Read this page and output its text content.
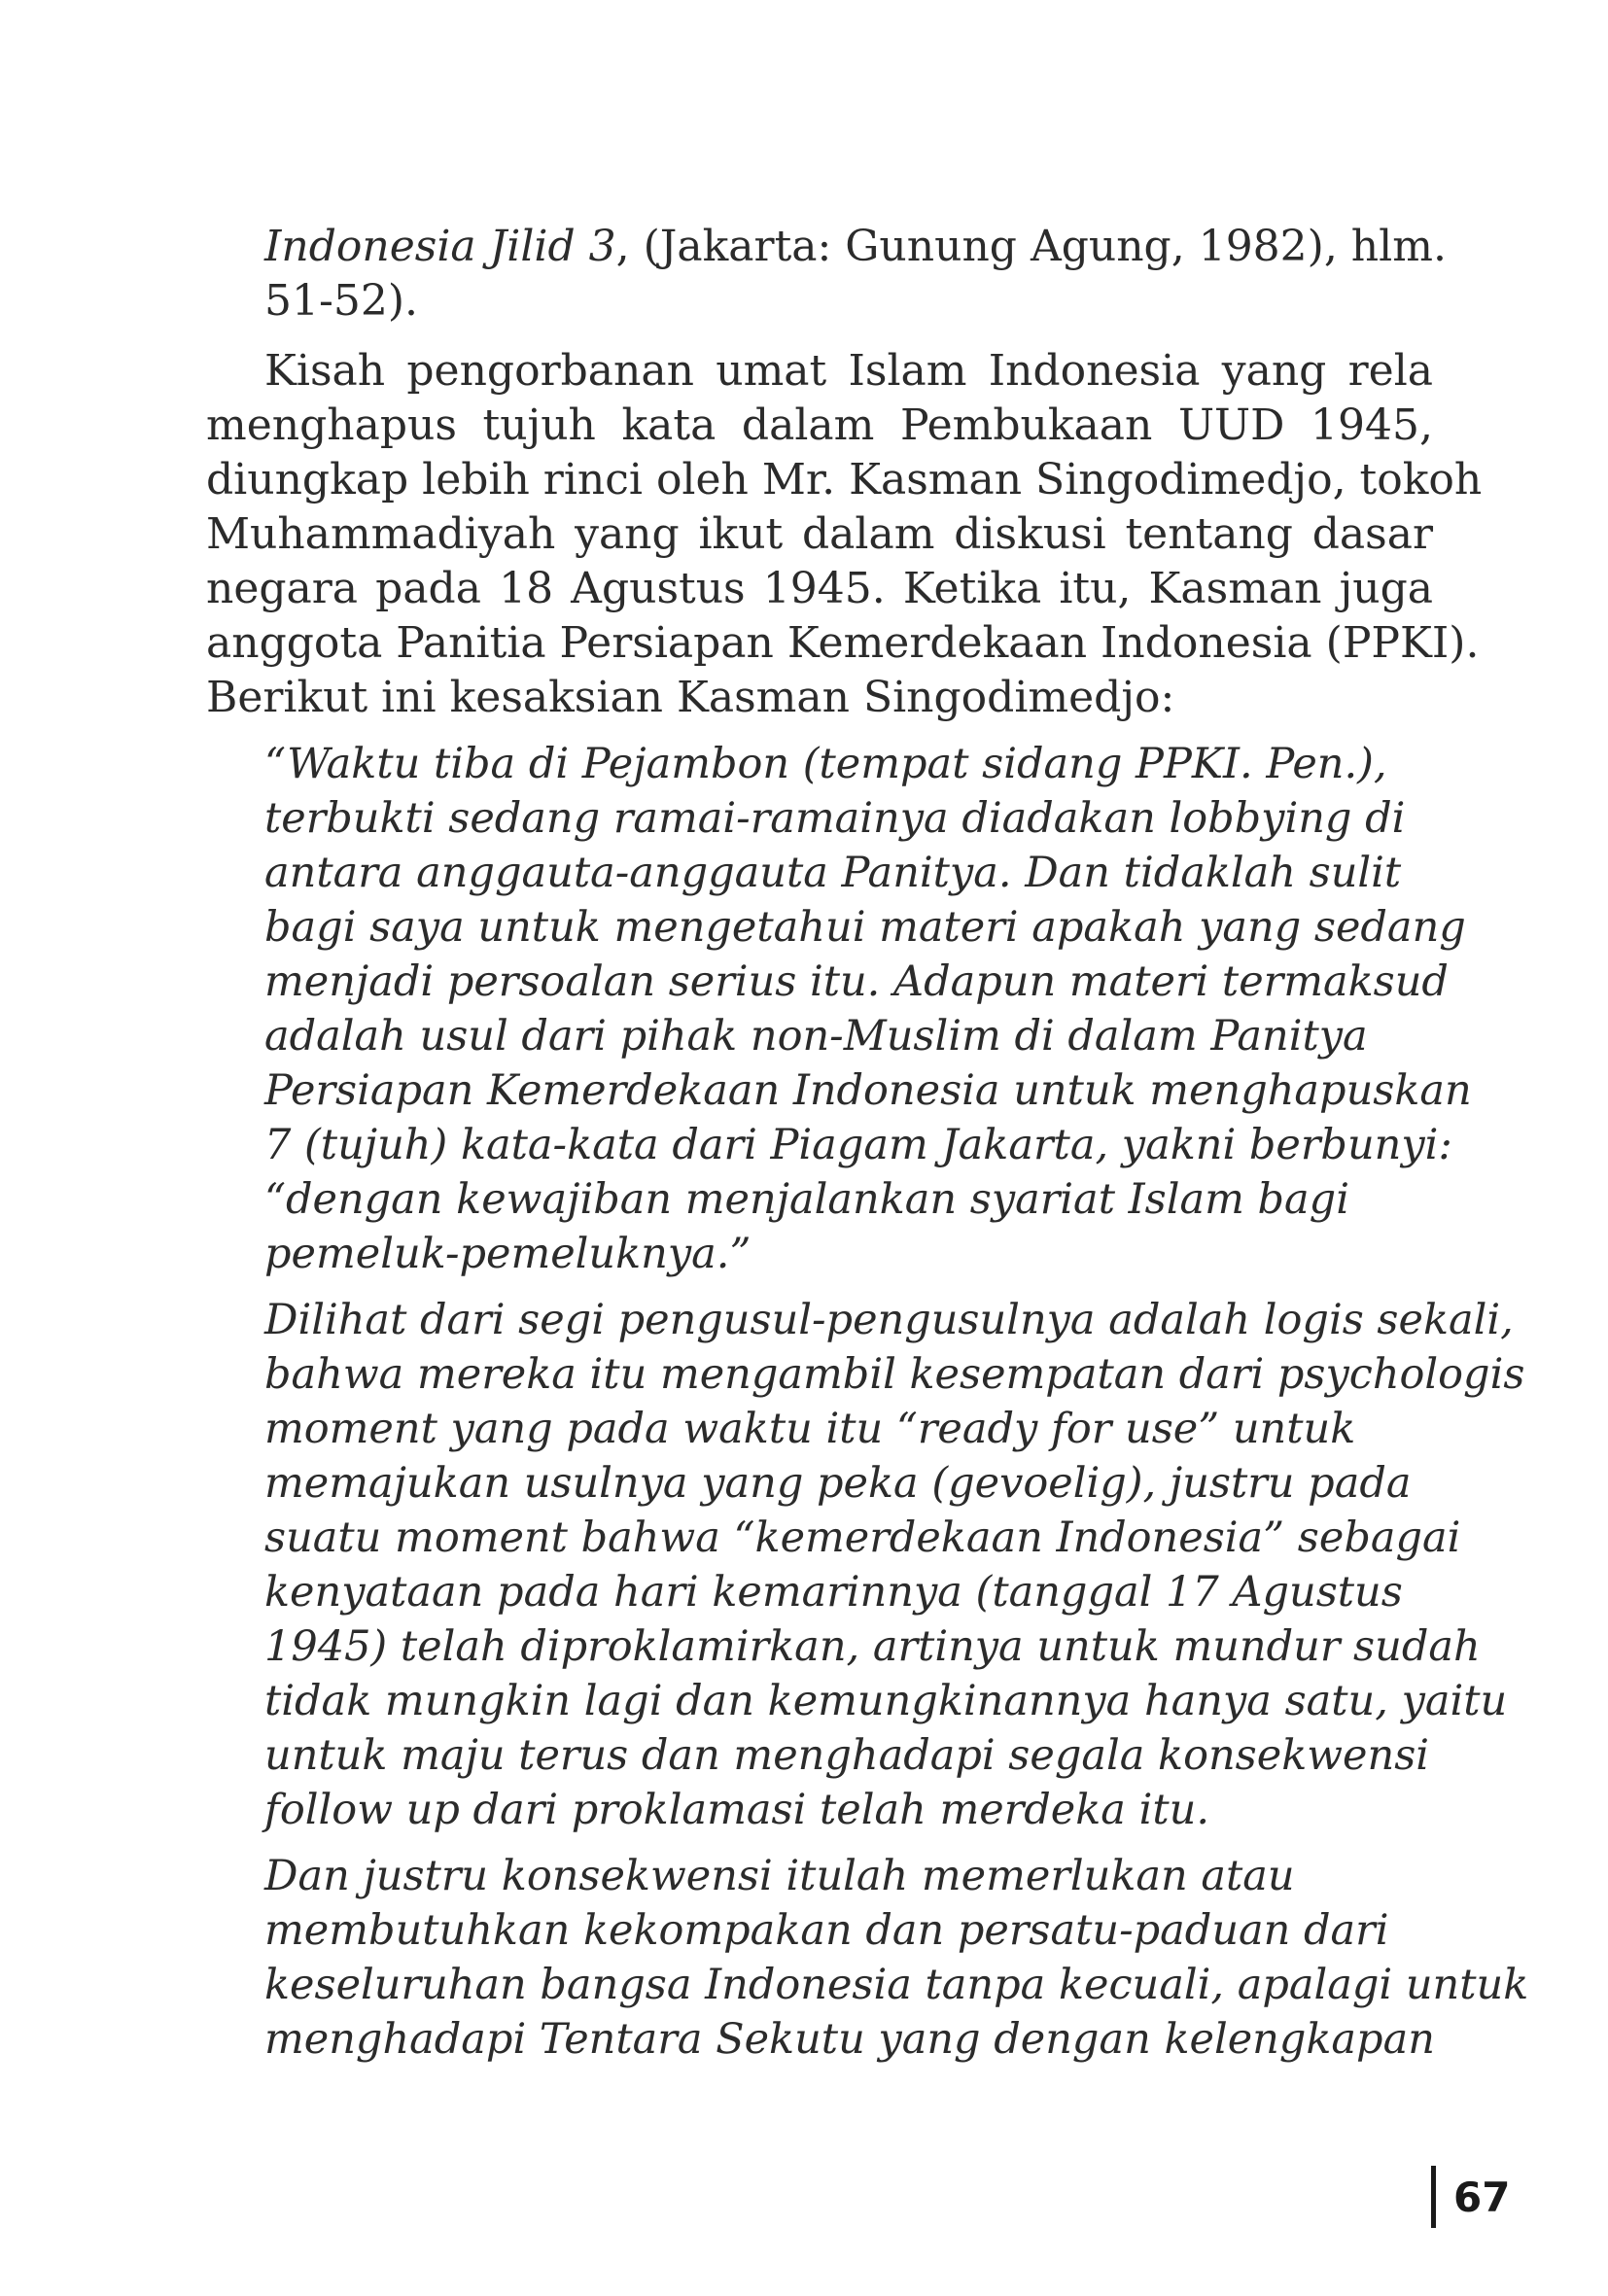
Indonesia Jilid 3, (Jakarta: Gunung Agung, 1982), hlm.
51-52).
Kisah pengorbanan umat Islam Indonesia yang rela
menghapus tujuh kata dalam Pembukaan UUD 1945,
diungkap lebih rinci oleh Mr. Kasman Singodimedjo, tokoh
Muhammadiyah yang ikut dalam diskusi tentang dasar
negara pada 18 Agustus 1945. Ketika itu, Kasman juga
anggota Panitia Persiapan Kemerdekaan Indonesia (PPKI).
Berikut ini kesaksian Kasman Singodimedjo:
“Waktu tiba di Pejambon (tempat sidang PPKI. Pen.),
terbukti sedang ramai-ramainya diadakan lobbying di
antara anggauta-anggauta Panitya. Dan tidaklah sulit
bagi saya untuk mengetahui materi apakah yang sedang
menjadi persoalan serius itu. Adapun materi termaksud
adalah usul dari pihak non-Muslim di dalam Panitya
Persiapan Kemerdekaan Indonesia untuk menghapuskan
7 (tujuh) kata-kata dari Piagam Jakarta, yakni berbunyi:
“dengan kewajiban menjalankan syariat Islam bagi
pemeluk-pemeluknya.”
Dilihat dari segi pengusul-pengusulnya adalah logis sekali,
bahwa mereka itu mengambil kesempatan dari psychologis
moment yang pada waktu itu “ready for use” untuk
memajukan usulnya yang peka (gevoelig), justru pada
suatu moment bahwa “kemerdekaan Indonesia” sebagai
kenyataan pada hari kemarinnya (tanggal 17 Agustus
1945) telah diproklamirkan, artinya untuk mundur sudah
tidak mungkin lagi dan kemungkinannya hanya satu, yaitu
untuk maju terus dan menghadapi segala konsekwensi
follow up dari proklamasi telah merdeka itu.
Dan justru konsekwensi itulah memerlukan atau
membutuhkan kekompakan dan persatu-paduan dari
keseluruhan bangsa Indonesia tanpa kecuali, apalagi untuk
menghadapi Tentara Sekutu yang dengan kelengkapan
67
